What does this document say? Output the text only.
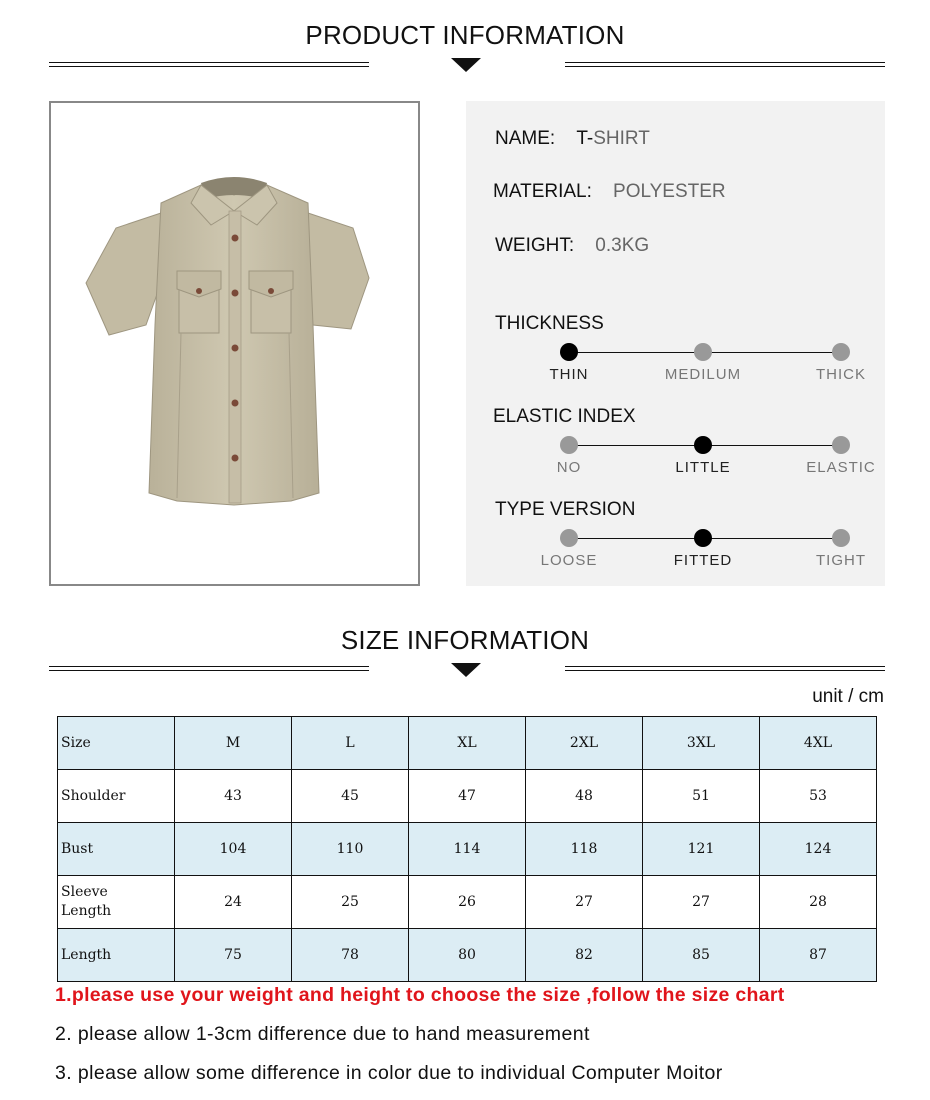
PRODUCT INFORMATION
NAME: T-SHIRT
MATERIAL: POLYESTER
WEIGHT: 0.3KG
THICKNESS
THIN	MEDILUM	THICK
ELASTIC INDEX
NO	LITTLE	ELASTIC
TYPE VERSION
LOOSE	FITTED	TIGHT
SIZE INFORMATION
unit / cm
Size	M	L	XL	2XL	3XL	4XL
Shoulder	43	45	47	48	51	53
Bust	104	110	114	118	121	124
Sleeve
Length	24	25	26	27	27	28
Length	75	78	80	82	85	87
1.please use your weight and height to choose the size ,follow the size chart
2. please allow 1-3cm difference due to hand measurement
3. please allow some difference in color due to individual Computer Moitor
